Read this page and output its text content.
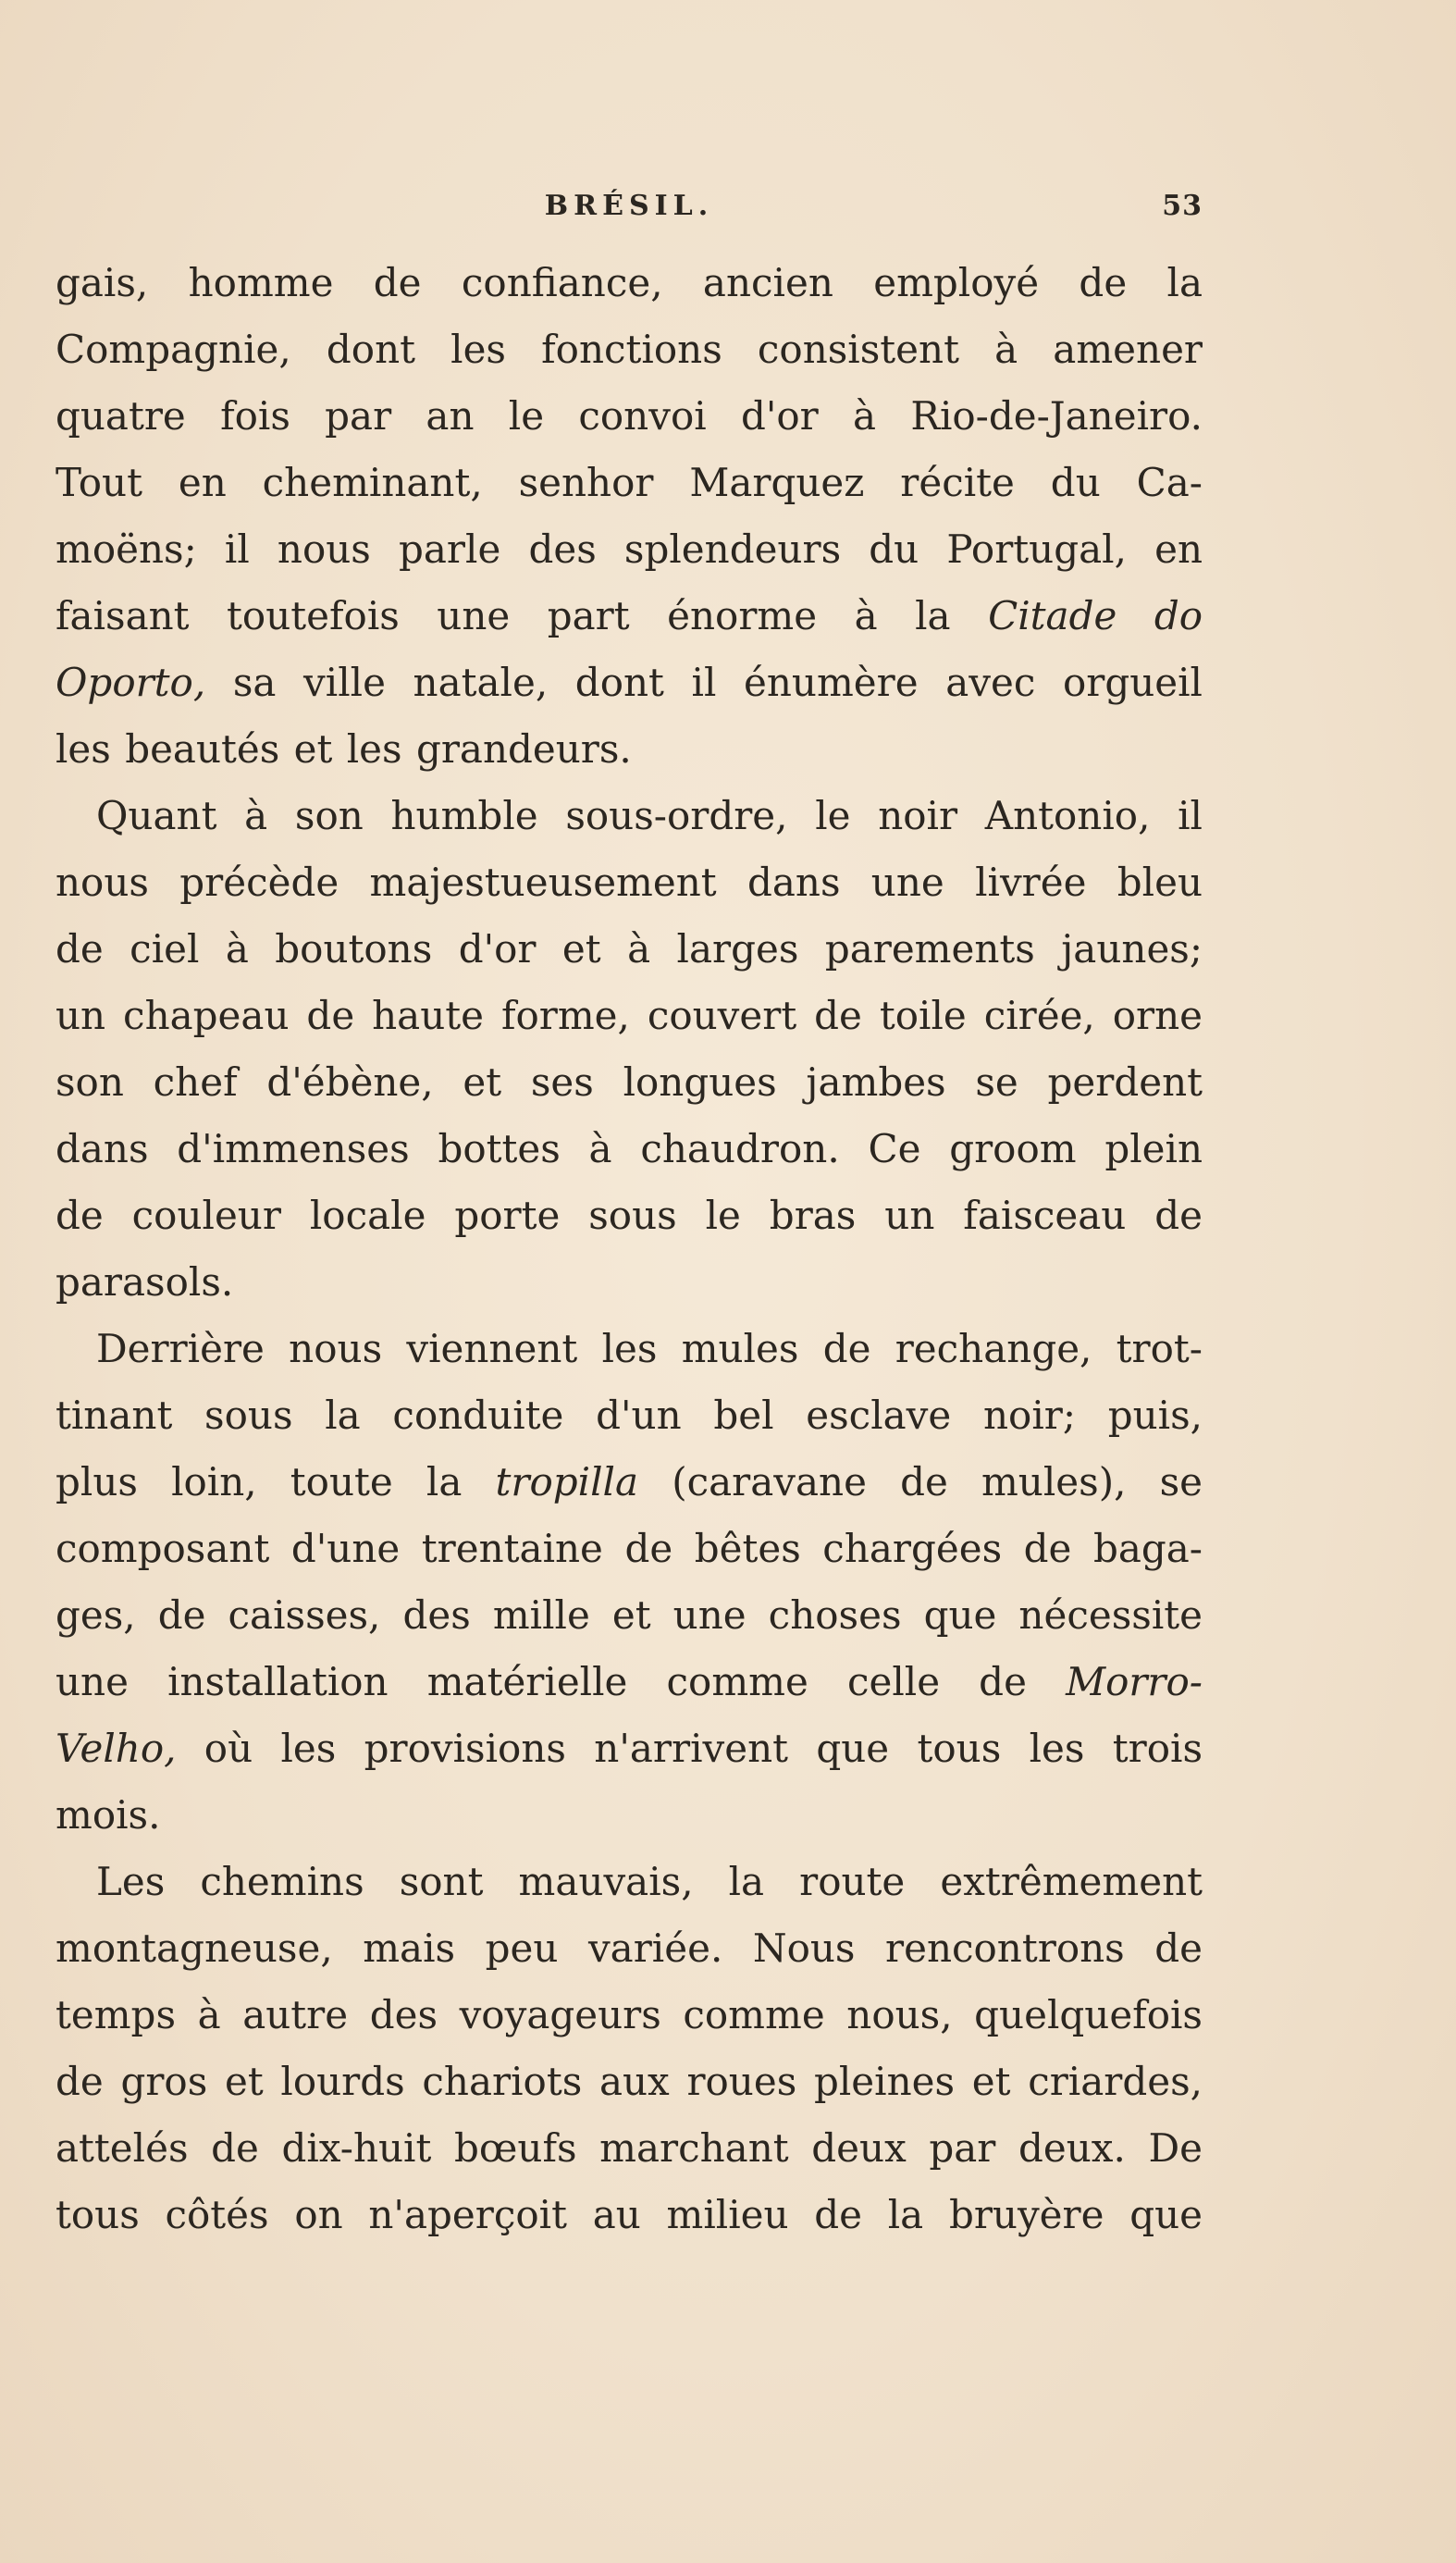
BRÉSIL.	53
gais, homme de confiance, ancien employé de la
Compagnie, dont les fonctions consistent à amener
quatre fois par an le convoi d'or à Rio-de-Janeiro.
Tout en cheminant, senhor Marquez récite du Ca-
moëns; il nous parle des splendeurs du Portugal, en
faisant toutefois une part énorme à la Citade do
Oporto, sa ville natale, dont il énumère avec orgueil
les beautés et les grandeurs.
Quant à son humble sous-ordre, le noir Antonio, il
nous précède majestueusement dans une livrée bleu
de ciel à boutons d'or et à larges parements jaunes;
un chapeau de haute forme, couvert de toile cirée, orne
son chef d'ébène, et ses longues jambes se perdent
dans d'immenses bottes à chaudron. Ce groom plein
de couleur locale porte sous le bras un faisceau de
parasols.
Derrière nous viennent les mules de rechange, trot-
tinant sous la conduite d'un bel esclave noir; puis,
plus loin, toute la tropilla (caravane de mules), se
composant d'une trentaine de bêtes chargées de baga-
ges, de caisses, des mille et une choses que nécessite
une installation matérielle comme celle de Morro-
Velho, où les provisions n'arrivent que tous les trois
mois.
Les chemins sont mauvais, la route extrêmement
montagneuse, mais peu variée. Nous rencontrons de
temps à autre des voyageurs comme nous, quelquefois
de gros et lourds chariots aux roues pleines et criardes,
attelés de dix-huit bœufs marchant deux par deux. De
tous côtés on n'aperçoit au milieu de la bruyère que
